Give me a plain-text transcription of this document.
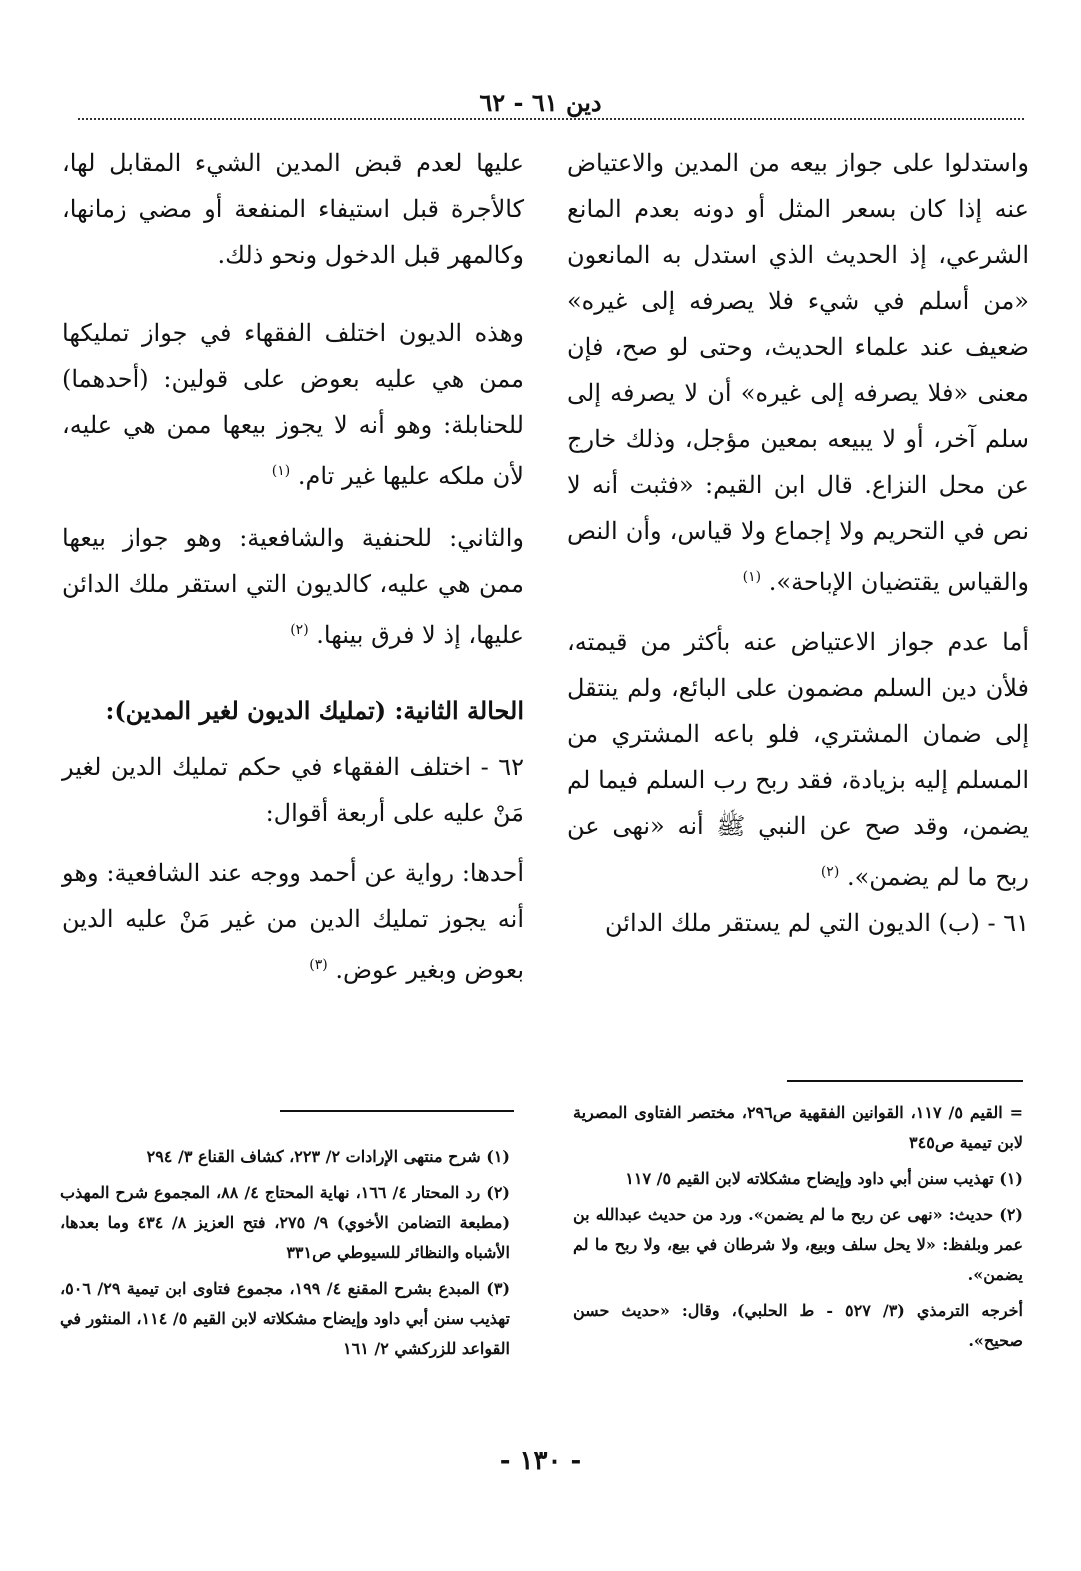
دين ٦١ - ٦٢

واستدلوا على جواز بيعه من المدين والاعتياض عنه إذا كان بسعر المثل أو دونه بعدم المانع الشرعي، إذ الحديث الذي استدل به المانعون «من أسلم في شيء فلا يصرفه إلى غيره» ضعيف عند علماء الحديث، وحتى لو صح، فإن معنى «فلا يصرفه إلى غيره» أن لا يصرفه إلى سلم آخر، أو لا يبيعه بمعين مؤجل، وذلك خارج عن محل النزاع. قال ابن القيم: «فثبت أنه لا نص في التحريم ولا إجماع ولا قياس، وأن النص والقياس يقتضيان الإباحة». $^{(١)}$

أما عدم جواز الاعتياض عنه بأكثر من قيمته، فلأن دين السلم مضمون على البائع، ولم ينتقل إلى ضمان المشتري، فلو باعه المشتري من المسلم إليه بزيادة، فقد ربح رب السلم فيما لم يضمن، وقد صح عن النبي ﷺ أنه «نهى عن ربح ما لم يضمن». $^{(٢)}$

٦١ - (ب) الديون التي لم يستقر ملك الدائن

عليها لعدم قبض المدين الشيء المقابل لها، كالأجرة قبل استيفاء المنفعة أو مضي زمانها، وكالمهر قبل الدخول ونحو ذلك.

وهذه الديون اختلف الفقهاء في جواز تمليكها ممن هي عليه بعوض على قولين: (أحدهما) للحنابلة: وهو أنه لا يجوز بيعها ممن هي عليه، لأن ملكه عليها غير تام. $^{(١)}$

والثاني: للحنفية والشافعية: وهو جواز بيعها ممن هي عليه، كالديون التي استقر ملك الدائن عليها، إذ لا فرق بينها. $^{(٢)}$

الحالة الثانية: (تمليك الديون لغير المدين):

٦٢ - اختلف الفقهاء في حكم تمليك الدين لغير مَنْ عليه على أربعة أقوال:

أحدها: رواية عن أحمد ووجه عند الشافعية: وهو أنه يجوز تمليك الدين من غير مَنْ عليه الدين بعوض وبغير عوض. $^{(٣)}$

= القيم ٥/ ١١٧، القوانين الفقهية ص٢٩٦، مختصر الفتاوى المصرية لابن تيمية ص٣٤٥

(١) تهذيب سنن أبي داود وإيضاح مشكلاته لابن القيم ٥/ ١١٧

(٢) حديث: «نهى عن ربح ما لم يضمن». ورد من حديث عبدالله بن عمر وبلفظ: «لا يحل سلف وبيع، ولا شرطان في بيع، ولا ربح ما لم يضمن».

أخرجه الترمذي (٣/ ٥٢٧ - ط الحلبي)، وقال: «حديث حسن صحيح».

(١) شرح منتهى الإرادات ٢/ ٢٢٣، كشاف القناع ٣/ ٢٩٤

(٢) رد المحتار ٤/ ١٦٦، نهاية المحتاج ٤/ ٨٨، المجموع شرح المهذب (مطبعة التضامن الأخوي) ٩/ ٢٧٥، فتح العزيز ٨/ ٤٣٤ وما بعدها، الأشباه والنظائر للسيوطي ص٣٣١

(٣) المبدع بشرح المقنع ٤/ ١٩٩، مجموع فتاوى ابن تيمية ٢٩/ ٥٠٦، تهذيب سنن أبي داود وإيضاح مشكلاته لابن القيم ٥/ ١١٤، المنثور في القواعد للزركشي ٢/ ١٦١

- ١٣٠ -
